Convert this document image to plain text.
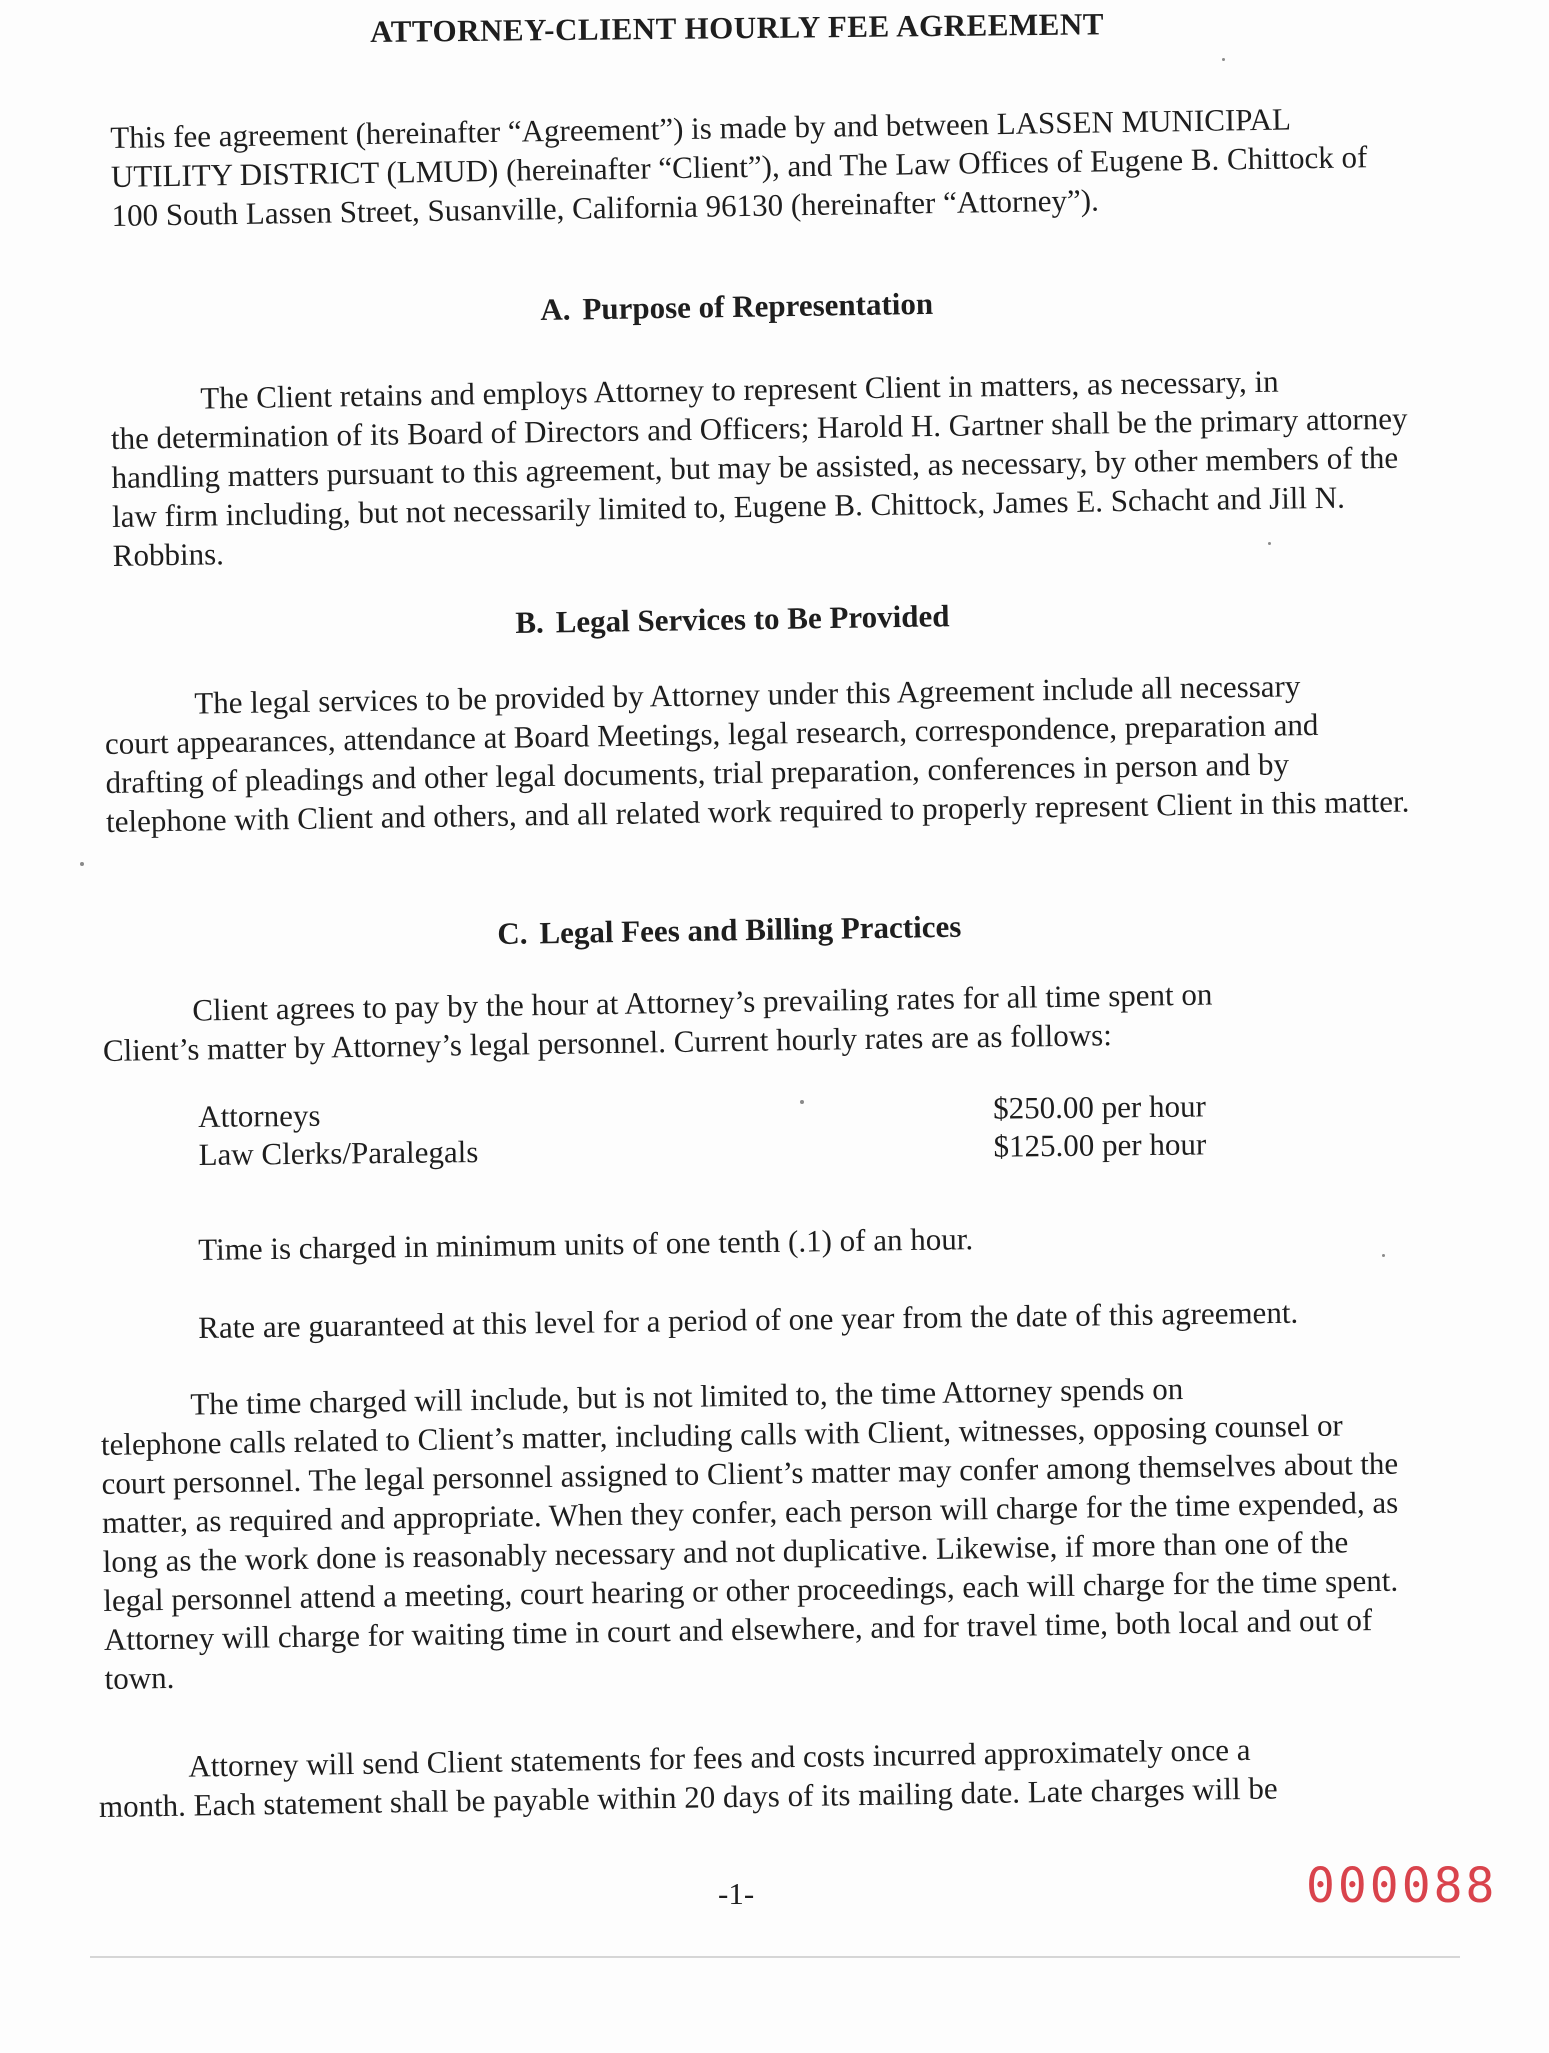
ATTORNEY-CLIENT HOURLY FEE AGREEMENT

This fee agreement (hereinafter “Agreement”) is made by and between LASSEN MUNICIPAL UTILITY DISTRICT (LMUD) (hereinafter “Client”), and The Law Offices of Eugene B. Chittock of 100 South Lassen Street, Susanville, California 96130 (hereinafter “Attorney”).

A. Purpose of Representation
The Client retains and employs Attorney to represent Client in matters, as necessary, in
the determination of its Board of Directors and Officers; Harold H. Gartner shall be the primary attorney handling matters pursuant to this agreement, but may be assisted, as necessary, by other members of the law firm including, but not necessarily limited to, Eugene B. Chittock, James E. Schacht and Jill N. Robbins.
B. Legal Services to Be Provided
The legal services to be provided by Attorney under this Agreement include all necessary
court appearances, attendance at Board Meetings, legal research, correspondence, preparation and drafting of pleadings and other legal documents, trial preparation, conferences in person and by telephone with Client and others, and all related work required to properly represent Client in this matter.
C. Legal Fees and Billing Practices
Client agrees to pay by the hour at Attorney’s prevailing rates for all time spent on
Client’s matter by Attorney’s legal personnel. Current hourly rates are as follows:
Attorneys	$250.00 per hour
Law Clerks/Paralegals	$125.00 per hour
Time is charged in minimum units of one tenth (.1) of an hour.
Rate are guaranteed at this level for a period of one year from the date of this agreement.
The time charged will include, but is not limited to, the time Attorney spends on
telephone calls related to Client’s matter, including calls with Client, witnesses, opposing counsel or court personnel. The legal personnel assigned to Client’s matter may confer among themselves about the matter, as required and appropriate. When they confer, each person will charge for the time expended, as long as the work done is reasonably necessary and not duplicative. Likewise, if more than one of the legal personnel attend a meeting, court hearing or other proceedings, each will charge for the time spent. Attorney will charge for waiting time in court and elsewhere, and for travel time, both local and out of town.
Attorney will send Client statements for fees and costs incurred approximately once a
month. Each statement shall be payable within 20 days of its mailing date. Late charges will be
-1-	000088
